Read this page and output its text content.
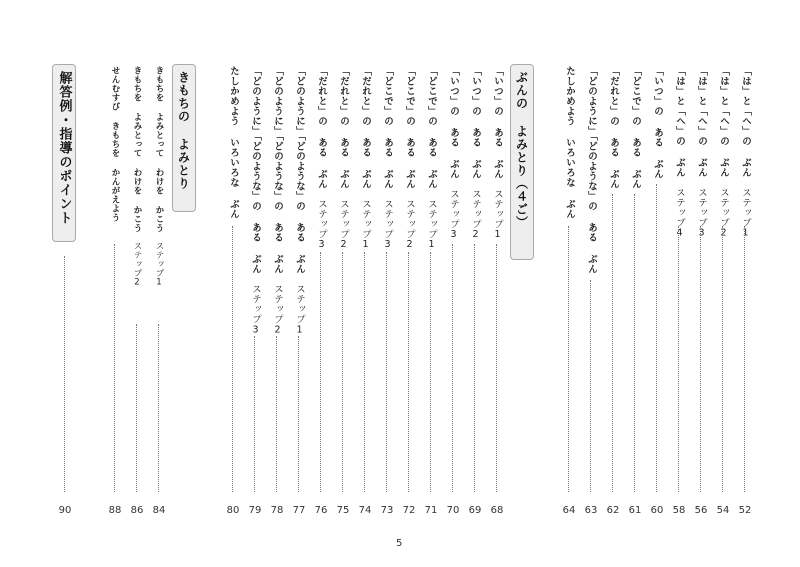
「は」と「へ」の ぶん　ステップ1
52
「は」と「へ」の ぶん　ステップ2
54
「は」と「へ」の ぶん　ステップ3
56
「は」と「へ」の ぶん　ステップ4
58
「いつ」の ある ぶん
60
「どこで」の ある ぶん
61
「だれと」の ある ぶん
62
「どのように」「どのような」の ある ぶん
63
たしかめよう いろいろな ぶん
64
ぶんの よみとり（４ご）
「いつ」の ある ぶん　ステップ1
68
「いつ」の ある ぶん　ステップ2
69
「いつ」の ある ぶん　ステップ3
70
「どこで」の ある ぶん　ステップ1
71
「どこで」の ある ぶん　ステップ2
72
「どこで」の ある ぶん　ステップ3
73
「だれと」の ある ぶん　ステップ1
74
「だれと」の ある ぶん　ステップ2
75
「だれと」の ある ぶん　ステップ3
76
「どのように」「どのような」の ある ぶん　ステップ1
77
「どのように」「どのような」の ある ぶん　ステップ2
78
「どのように」「どのような」の ある ぶん　ステップ3
79
たしかめよう いろいろな ぶん
80
きもちの よみとり
きもちを よみとって わけを かこう　ステップ1
84
きもちを よみとって わけを かこう　ステップ2
86
せんむすび きもちを かんがえよう
88
解答例・指導のポイント
90
5
